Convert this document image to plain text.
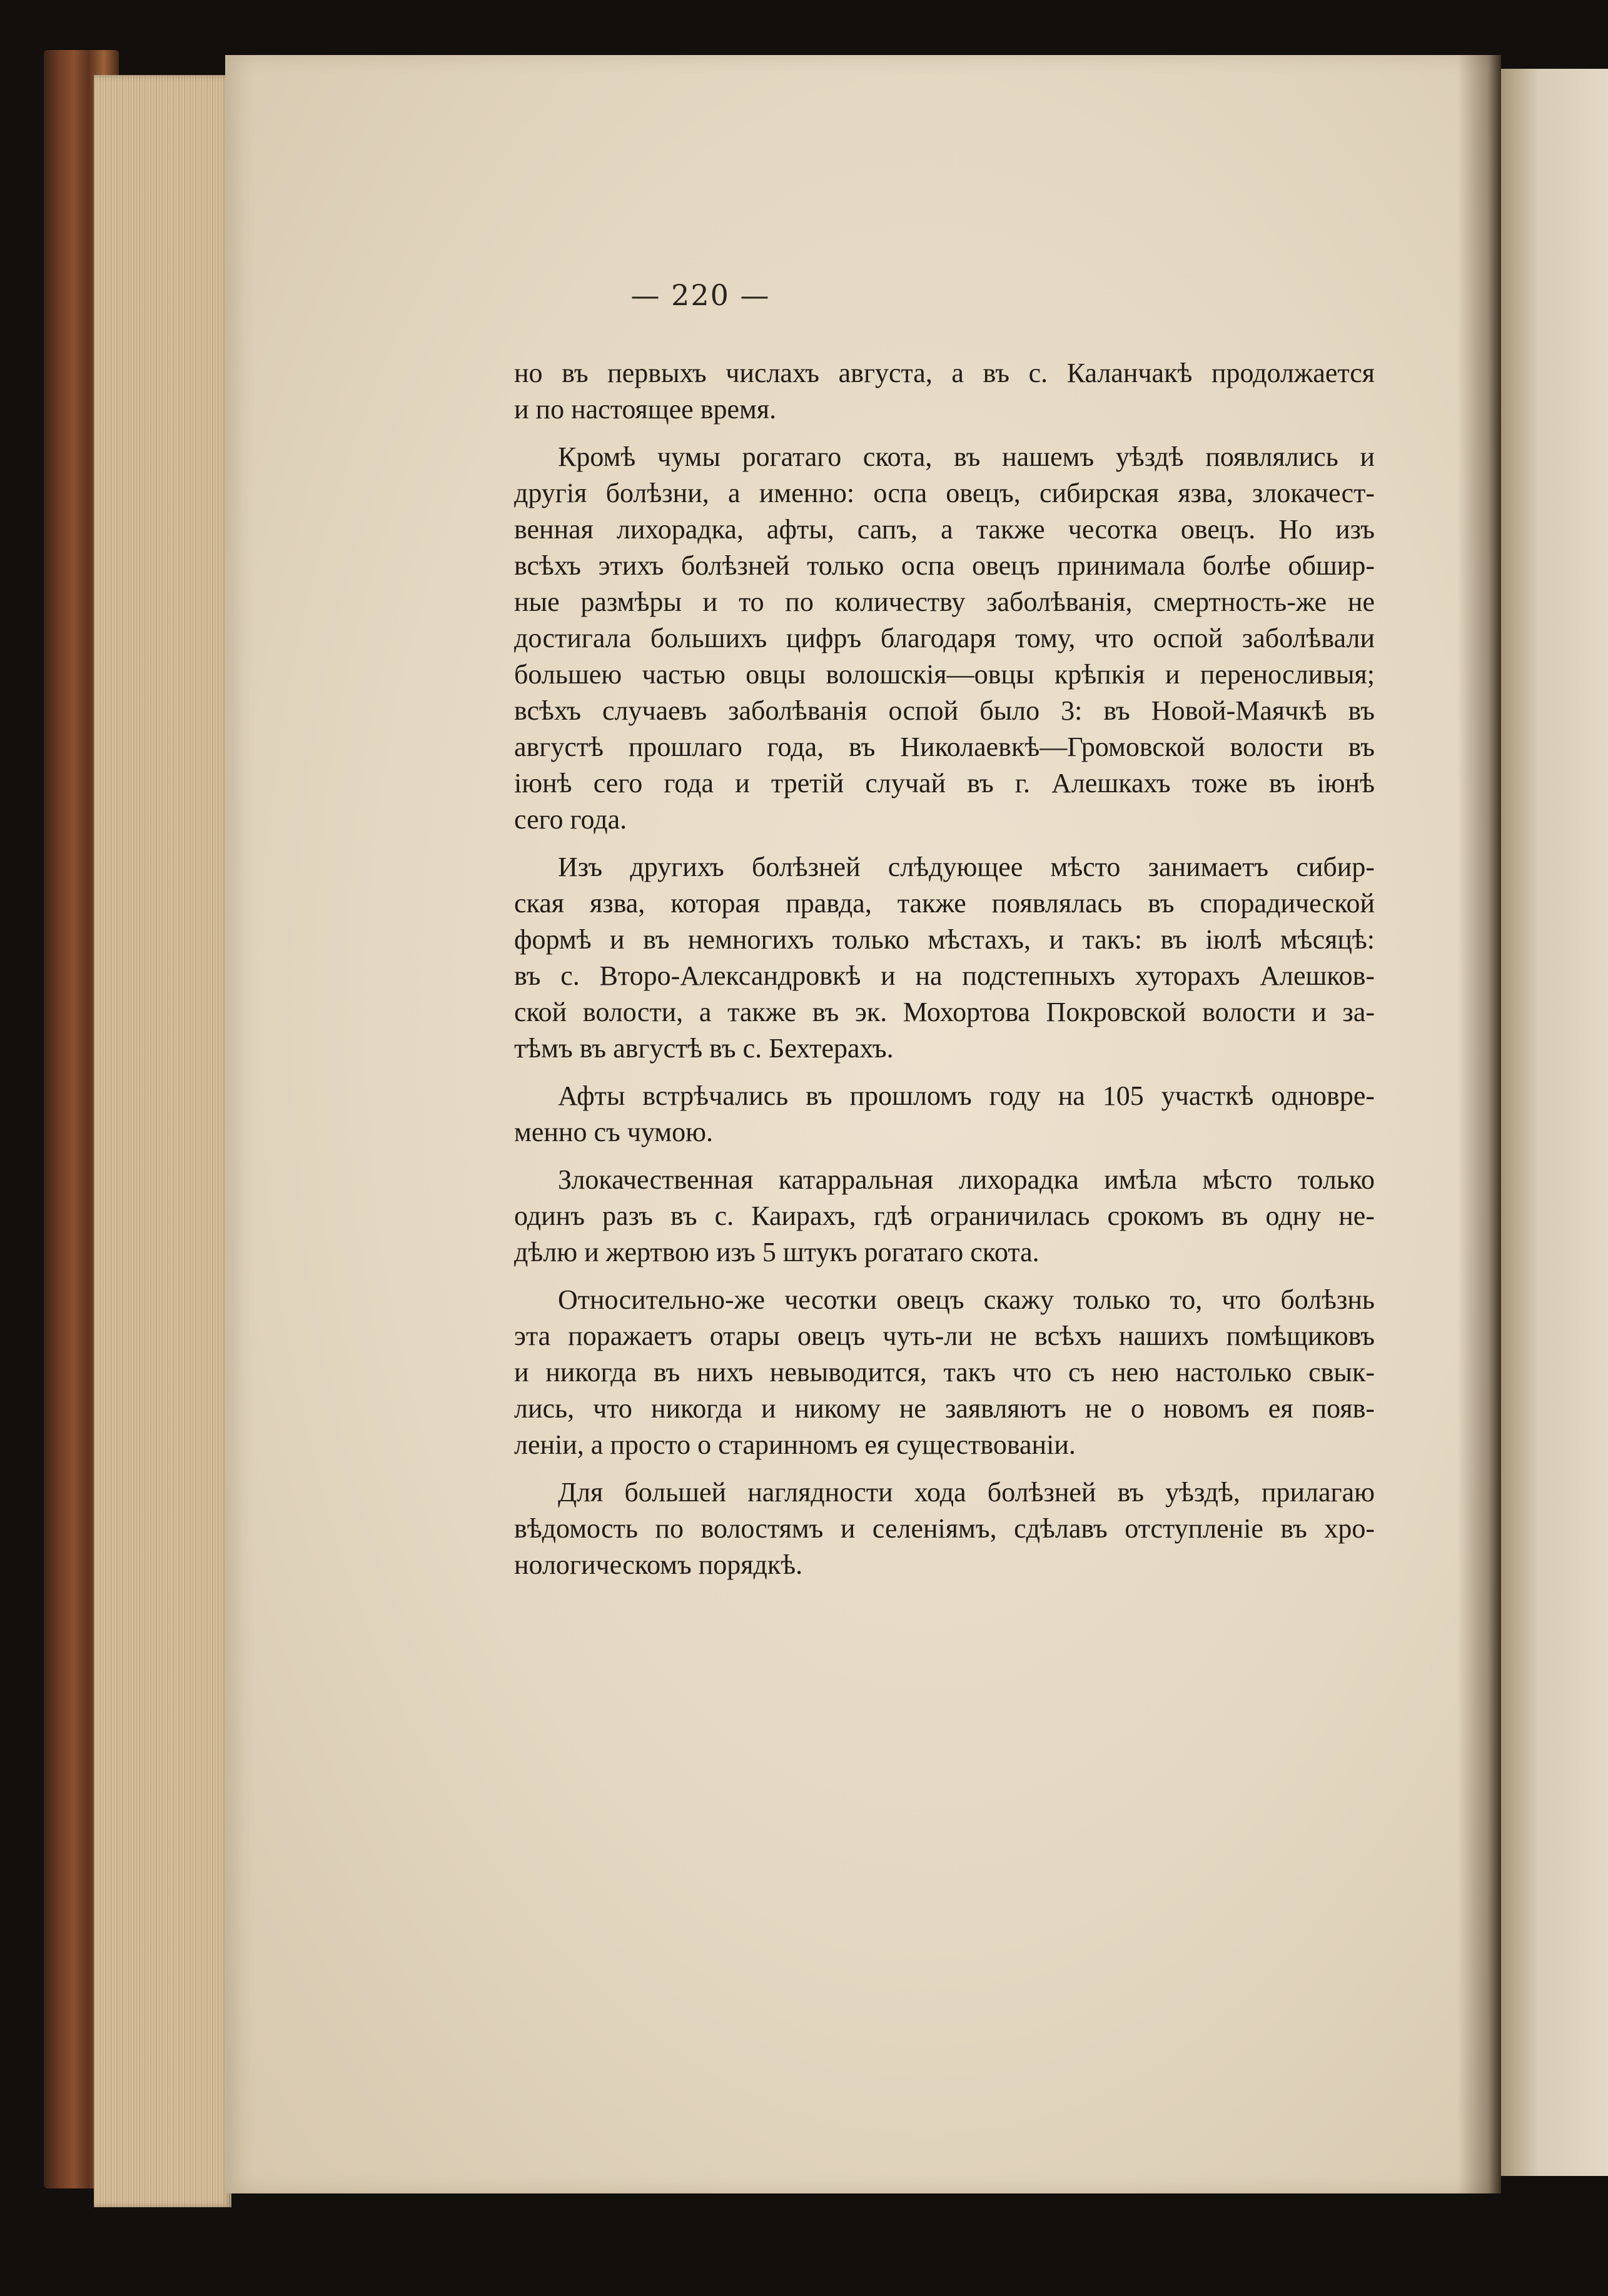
— 220 —
но въ первыхъ числахъ августа, а въ с. Каланчакѣ продолжается
и по настоящее время.
Кромѣ чумы рогатаго скота, въ нашемъ уѣздѣ появлялись и
другія болѣзни, а именно: оспа овецъ, сибирская язва, злокачест-
венная лихорадка, афты, сапъ, а также чесотка овецъ. Но изъ
всѣхъ этихъ болѣзней только оспа овецъ принимала болѣе обшир-
ные размѣры и то по количеству заболѣванія, смертность-же не
достигала большихъ цифръ благодаря тому, что оспой заболѣвали
большею частью овцы волошскія—овцы крѣпкія и переносливыя;
всѣхъ случаевъ заболѣванія оспой было 3: въ Новой-Маячкѣ въ
августѣ прошлаго года, въ Николаевкѣ—Громовской волости въ
іюнѣ сего года и третій случай въ г. Алешкахъ тоже въ іюнѣ
сего года.
Изъ другихъ болѣзней слѣдующее мѣсто занимаетъ сибир-
ская язва, которая правда, также появлялась въ спорадической
формѣ и въ немногихъ только мѣстахъ, и такъ: въ іюлѣ мѣсяцѣ:
въ с. Второ-Александровкѣ и на подстепныхъ хуторахъ Алешков-
ской волости, а также въ эк. Мохортова Покровской волости и за-
тѣмъ въ августѣ въ с. Бехтерахъ.
Афты встрѣчались въ прошломъ году на 105 участкѣ одновре-
менно съ чумою.
Злокачественная катарральная лихорадка имѣла мѣсто только
одинъ разъ въ с. Каирахъ, гдѣ ограничилась срокомъ въ одну не-
дѣлю и жертвою изъ 5 штукъ рогатаго скота.
Относительно-же чесотки овецъ скажу только то, что болѣзнь
эта поражаетъ отары овецъ чуть-ли не всѣхъ нашихъ помѣщиковъ
и никогда въ нихъ невыводится, такъ что съ нею настолько свык-
лись, что никогда и никому не заявляютъ не о новомъ ея появ-
леніи, а просто о старинномъ ея существованіи.
Для большей наглядности хода болѣзней въ уѣздѣ, прилагаю
вѣдомость по волостямъ и селеніямъ, сдѣлавъ отступленіе въ хро-
нологическомъ порядкѣ.
